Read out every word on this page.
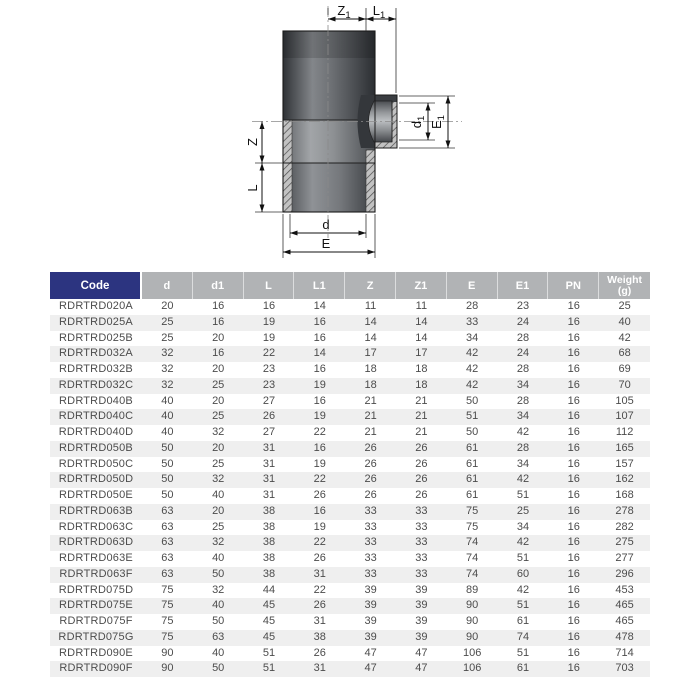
$Z_1$ $L_1$
Z
L
$d_1$
$E_1$
d
E
Code	d	d1	L	L1	Z	Z1	E	E1	PN	Weight
(g)

RDRTRD020A	20	16	16	14	11	11	28	23	16	25
RDRTRD025A	25	16	19	16	14	14	33	24	16	40
RDRTRD025B	25	20	19	16	14	14	34	28	16	42
RDRTRD032A	32	16	22	14	17	17	42	24	16	68
RDRTRD032B	32	20	23	16	18	18	42	28	16	69
RDRTRD032C	32	25	23	19	18	18	42	34	16	70
RDRTRD040B	40	20	27	16	21	21	50	28	16	105
RDRTRD040C	40	25	26	19	21	21	51	34	16	107
RDRTRD040D	40	32	27	22	21	21	50	42	16	112
RDRTRD050B	50	20	31	16	26	26	61	28	16	165
RDRTRD050C	50	25	31	19	26	26	61	34	16	157
RDRTRD050D	50	32	31	22	26	26	61	42	16	162
RDRTRD050E	50	40	31	26	26	26	61	51	16	168
RDRTRD063B	63	20	38	16	33	33	75	25	16	278
RDRTRD063C	63	25	38	19	33	33	75	34	16	282
RDRTRD063D	63	32	38	22	33	33	74	42	16	275
RDRTRD063E	63	40	38	26	33	33	74	51	16	277
RDRTRD063F	63	50	38	31	33	33	74	60	16	296
RDRTRD075D	75	32	44	22	39	39	89	42	16	453
RDRTRD075E	75	40	45	26	39	39	90	51	16	465
RDRTRD075F	75	50	45	31	39	39	90	61	16	465
RDRTRD075G	75	63	45	38	39	39	90	74	16	478
RDRTRD090E	90	40	51	26	47	47	106	51	16	714
RDRTRD090F	90	50	51	31	47	47	106	61	16	703
